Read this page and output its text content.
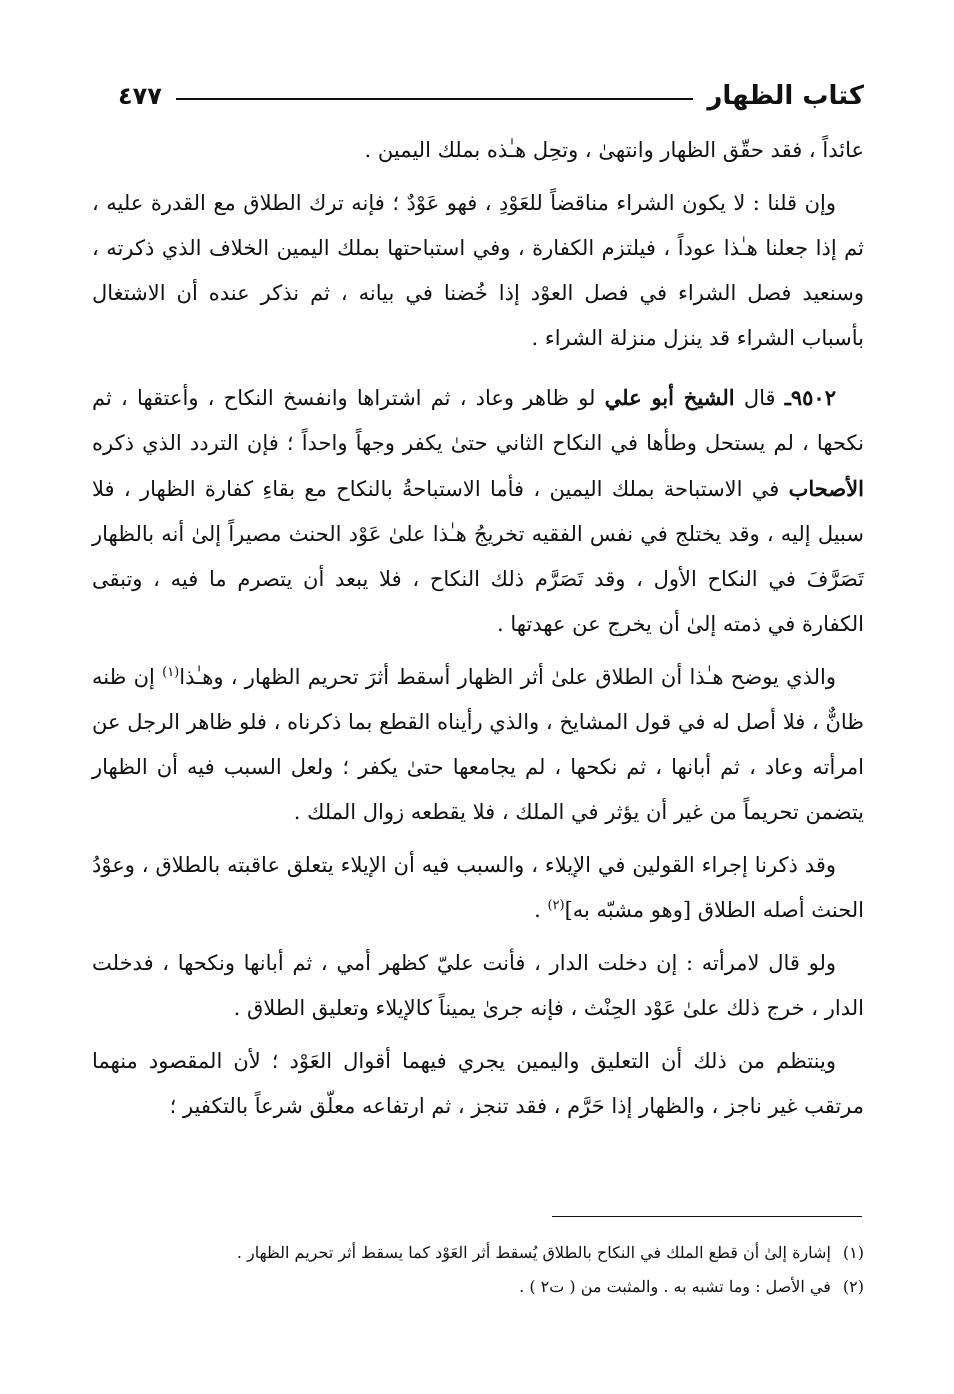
كتاب الظهار
٤٧٧

عائداً ، فقد حقّق الظهار وانتهىٰ ، وتحِل هـٰذه بملك اليمين .

وإن قلنا : لا يكون الشراء مناقضاً للعَوْدِ ، فهو عَوْدٌ ؛ فإنه ترك الطلاق مع القدرة عليه ، ثم إذا جعلنا هـٰذا عوداً ، فيلتزم الكفارة ، وفي استباحتها بملك اليمين الخلاف الذي ذكرته ، وسنعيد فصل الشراء في فصل العوْد إذا خُضنا في بيانه ، ثم نذكر عنده أن الاشتغال بأسباب الشراء قد ينزل منزلة الشراء .

٩٥٠٢ـ قال الشيخ أبو علي لو ظاهر وعاد ، ثم اشتراها وانفسخ النكاح ، وأعتقها ، ثم نكحها ، لم يستحل وطأها في النكاح الثاني حتىٰ يكفر وجهاً واحداً ؛ فإن التردد الذي ذكره الأصحاب في الاستباحة بملك اليمين ، فأما الاستباحةُ بالنكاح مع بقاءِ كفارة الظهار ، فلا سبيل إليه ، وقد يختلج في نفس الفقيه تخريجُ هـٰذا علىٰ عَوْد الحنث مصيراً إلىٰ أنه بالظهار تَصَرَّفَ في النكاح الأول ، وقد تَصَرَّم ذلك النكاح ، فلا يبعد أن يتصرم ما فيه ، وتبقى الكفارة في ذمته إلىٰ أن يخرج عن عهدتها .

والذي يوضح هـٰذا أن الطلاق علىٰ أثر الظهار أسقط أثرَ تحريم الظهار ، وهـٰذا$^{(١)}$ إن ظنه ظانٌّ ، فلا أصل له في قول المشايخ ، والذي رأيناه القطع بما ذكرناه ، فلو ظاهر الرجل عن امرأته وعاد ، ثم أبانها ، ثم نكحها ، لم يجامعها حتىٰ يكفر ؛ ولعل السبب فيه أن الظهار يتضمن تحريماً من غير أن يؤثر في الملك ، فلا يقطعه زوال الملك .

وقد ذكرنا إجراء القولين في الإيلاء ، والسبب فيه أن الإيلاء يتعلق عاقبته بالطلاق ، وعوْدُ الحنث أصله الطلاق [وهو مشبّه به]$^{(٢)}$ .

ولو قال لامرأته : إن دخلت الدار ، فأنت عليّ كظهر أمي ، ثم أبانها ونكحها ، فدخلت الدار ، خرج ذلك علىٰ عَوْد الحِنْث ، فإنه جرىٰ يميناً كالإيلاء وتعليق الطلاق .

وينتظم من ذلك أن التعليق واليمين يجري فيهما أقوال العَوْد ؛ لأن المقصود منهما مرتقب غير ناجز ، والظهار إذا حَرَّم ، فقد تنجز ، ثم ارتفاعه معلّق شرعاً بالتكفير ؛

(١)إشارة إلىٰ أن قطع الملك في النكاح بالطلاق يُسقط أثر العَوْد كما يسقط أثر تحريم الظهار .
(٢)في الأصل : وما تشبه به . والمثبت من ( ت٢ ) .
